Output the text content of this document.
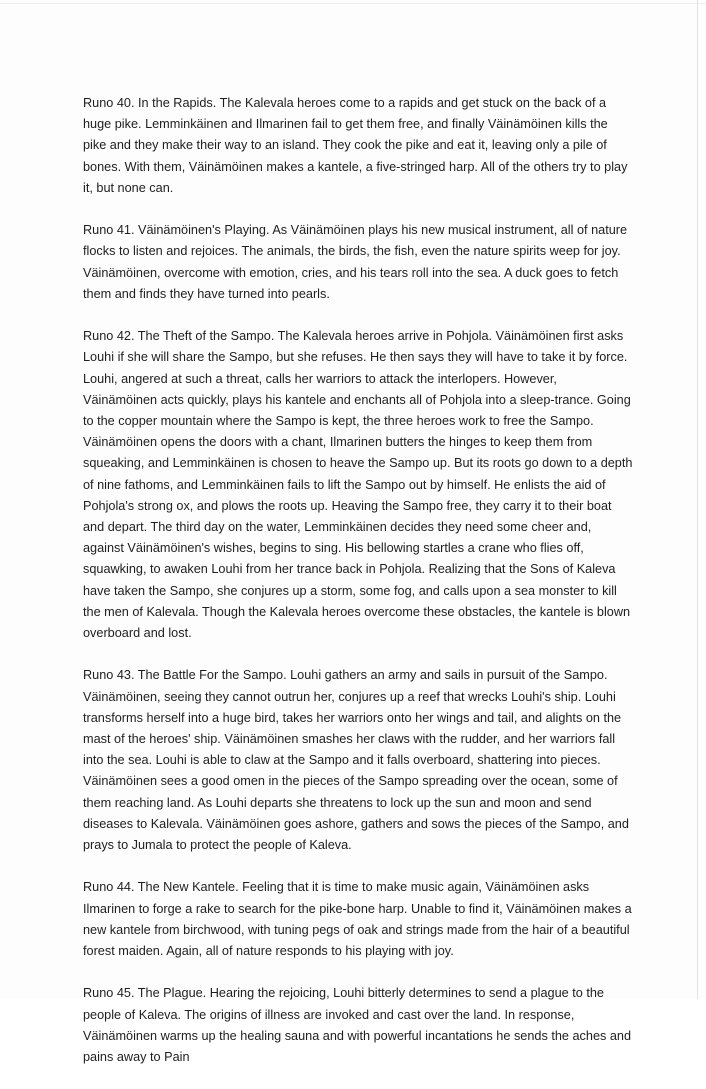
Runo 40. In the Rapids. The Kalevala heroes come to a rapids and get stuck on the back of a huge pike. Lemminkäinen and Ilmarinen fail to get them free, and finally Väinämöinen kills the pike and they make their way to an island. They cook the pike and eat it, leaving only a pile of bones. With them, Väinämöinen makes a kantele, a five-stringed harp. All of the others try to play it, but none can.

Runo 41. Väinämöinen's Playing. As Väinämöinen plays his new musical instrument, all of nature flocks to listen and rejoices. The animals, the birds, the fish, even the nature spirits weep for joy. Väinämöinen, overcome with emotion, cries, and his tears roll into the sea. A duck goes to fetch them and finds they have turned into pearls.

Runo 42. The Theft of the Sampo. The Kalevala heroes arrive in Pohjola. Väinämöinen first asks Louhi if she will share the Sampo, but she refuses. He then says they will have to take it by force. Louhi, angered at such a threat, calls her warriors to attack the interlopers. However, Väinämöinen acts quickly, plays his kantele and enchants all of Pohjola into a sleep-trance. Going to the copper mountain where the Sampo is kept, the three heroes work to free the Sampo. Väinämöinen opens the doors with a chant, Ilmarinen butters the hinges to keep them from squeaking, and Lemminkäinen is chosen to heave the Sampo up. But its roots go down to a depth of nine fathoms, and Lemminkäinen fails to lift the Sampo out by himself. He enlists the aid of Pohjola's strong ox, and plows the roots up. Heaving the Sampo free, they carry it to their boat and depart. The third day on the water, Lemminkäinen decides they need some cheer and, against Väinämöinen's wishes, begins to sing. His bellowing startles a crane who flies off, squawking, to awaken Louhi from her trance back in Pohjola. Realizing that the Sons of Kaleva have taken the Sampo, she conjures up a storm, some fog, and calls upon a sea monster to kill the men of Kalevala. Though the Kalevala heroes overcome these obstacles, the kantele is blown overboard and lost.

Runo 43. The Battle For the Sampo. Louhi gathers an army and sails in pursuit of the Sampo. Väinämöinen, seeing they cannot outrun her, conjures up a reef that wrecks Louhi's ship. Louhi transforms herself into a huge bird, takes her warriors onto her wings and tail, and alights on the mast of the heroes' ship. Väinämöinen smashes her claws with the rudder, and her warriors fall into the sea. Louhi is able to claw at the Sampo and it falls overboard, shattering into pieces. Väinämöinen sees a good omen in the pieces of the Sampo spreading over the ocean, some of them reaching land. As Louhi departs she threatens to lock up the sun and moon and send diseases to Kalevala. Väinämöinen goes ashore, gathers and sows the pieces of the Sampo, and prays to Jumala to protect the people of Kaleva.

Runo 44. The New Kantele. Feeling that it is time to make music again, Väinämöinen asks Ilmarinen to forge a rake to search for the pike-bone harp. Unable to find it, Väinämöinen makes a new kantele from birchwood, with tuning pegs of oak and strings made from the hair of a beautiful forest maiden. Again, all of nature responds to his playing with joy.

Runo 45. The Plague. Hearing the rejoicing, Louhi bitterly determines to send a plague to the people of Kaleva. The origins of illness are invoked and cast over the land. In response, Väinämöinen warms up the healing sauna and with powerful incantations he sends the aches and pains away to Pain
